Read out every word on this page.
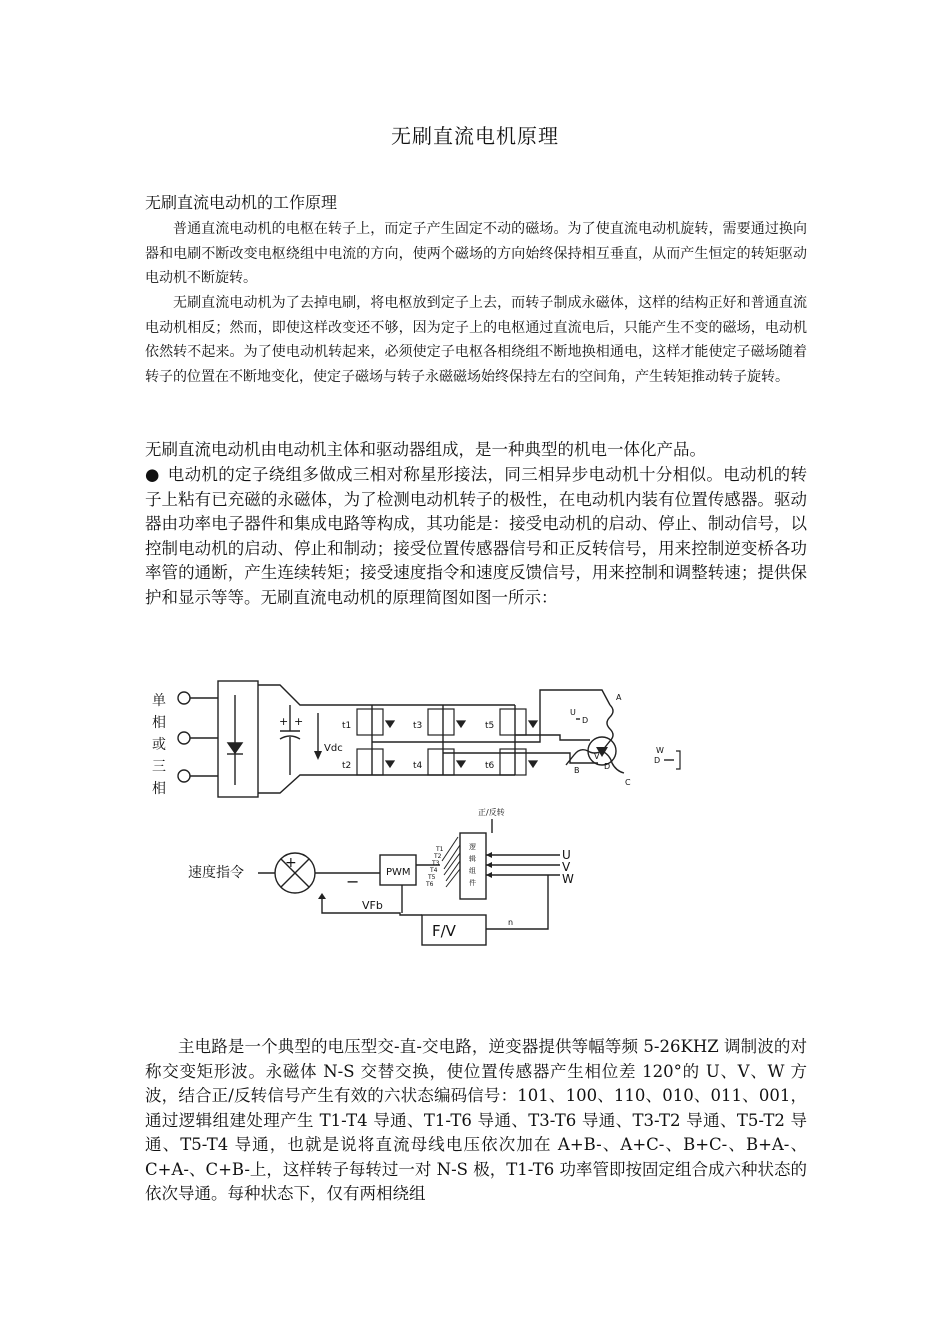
无刷直流电机原理
无刷直流电动机的工作原理
普通直流电动机的电枢在转子上，而定子产生固定不动的磁场。为了使直流电动机旋转，需要通过换向器和电刷不断改变电枢绕组中电流的方向，使两个磁场的方向始终保持相互垂直，从而产生恒定的转矩驱动电动机不断旋转。
无刷直流电动机为了去掉电刷，将电枢放到定子上去，而转子制成永磁体，这样的结构正好和普通直流电动机相反；然而，即使这样改变还不够，因为定子上的电枢通过直流电后，只能产生不变的磁场，电动机依然转不起来。为了使电动机转起来，必须使定子电枢各相绕组不断地换相通电，这样才能使定子磁场随着转子的位置在不断地变化，使定子磁场与转子永磁磁场始终保持左右的空间角，产生转矩推动转子旋转。
无刷直流电动机由电动机主体和驱动器组成，是一种典型的机电一体化产品。
● 电动机的定子绕组多做成三相对称星形接法，同三相异步电动机十分相似。电动机的转子上粘有已充磁的永磁体，为了检测电动机转子的极性，在电动机内装有位置传感器。驱动器由功率电子器件和集成电路等构成，其功能是：接受电动机的启动、停止、制动信号，以控制电动机的启动、停止和制动；接受位置传感器信号和正反转信号，用来控制逆变桥各功率管的通断，产生连续转矩；接受速度指令和速度反馈信号，用来控制和调整转速；提供保护和显示等等。无刷直流电动机的原理简图如图一所示：
单
相
或
三
相
+ +
Vdc
t1	t3	t5
t2	t4	t6
A
B
C
U
D
V
D
W
D
速度指令
+
−	PWM
T1
T2
T3
T4
T5
T6
逻
辑
组
件
正/反转
U
V
W
F/V	n
VFb
主电路是一个典型的电压型交-直-交电路，逆变器提供等幅等频 5-26KHZ 调制波的对称交变矩形波。永磁体 N-S 交替交换，使位置传感器产生相位差 120°的 U、V、W 方波，结合正/反转信号产生有效的六状态编码信号：101、100、110、010、011、001，通过逻辑组建处理产生 T1-T4 导通、T1-T6 导通、T3-T6 导通、T3-T2 导通、T5-T2 导通、T5-T4 导通，也就是说将直流母线电压依次加在 A+B-、A+C-、B+C-、B+A-、C+A-、C+B-上，这样转子每转过一对 N-S 极，T1-T6 功率管即按固定组合成六种状态的依次导通。每种状态下，仅有两相绕组
